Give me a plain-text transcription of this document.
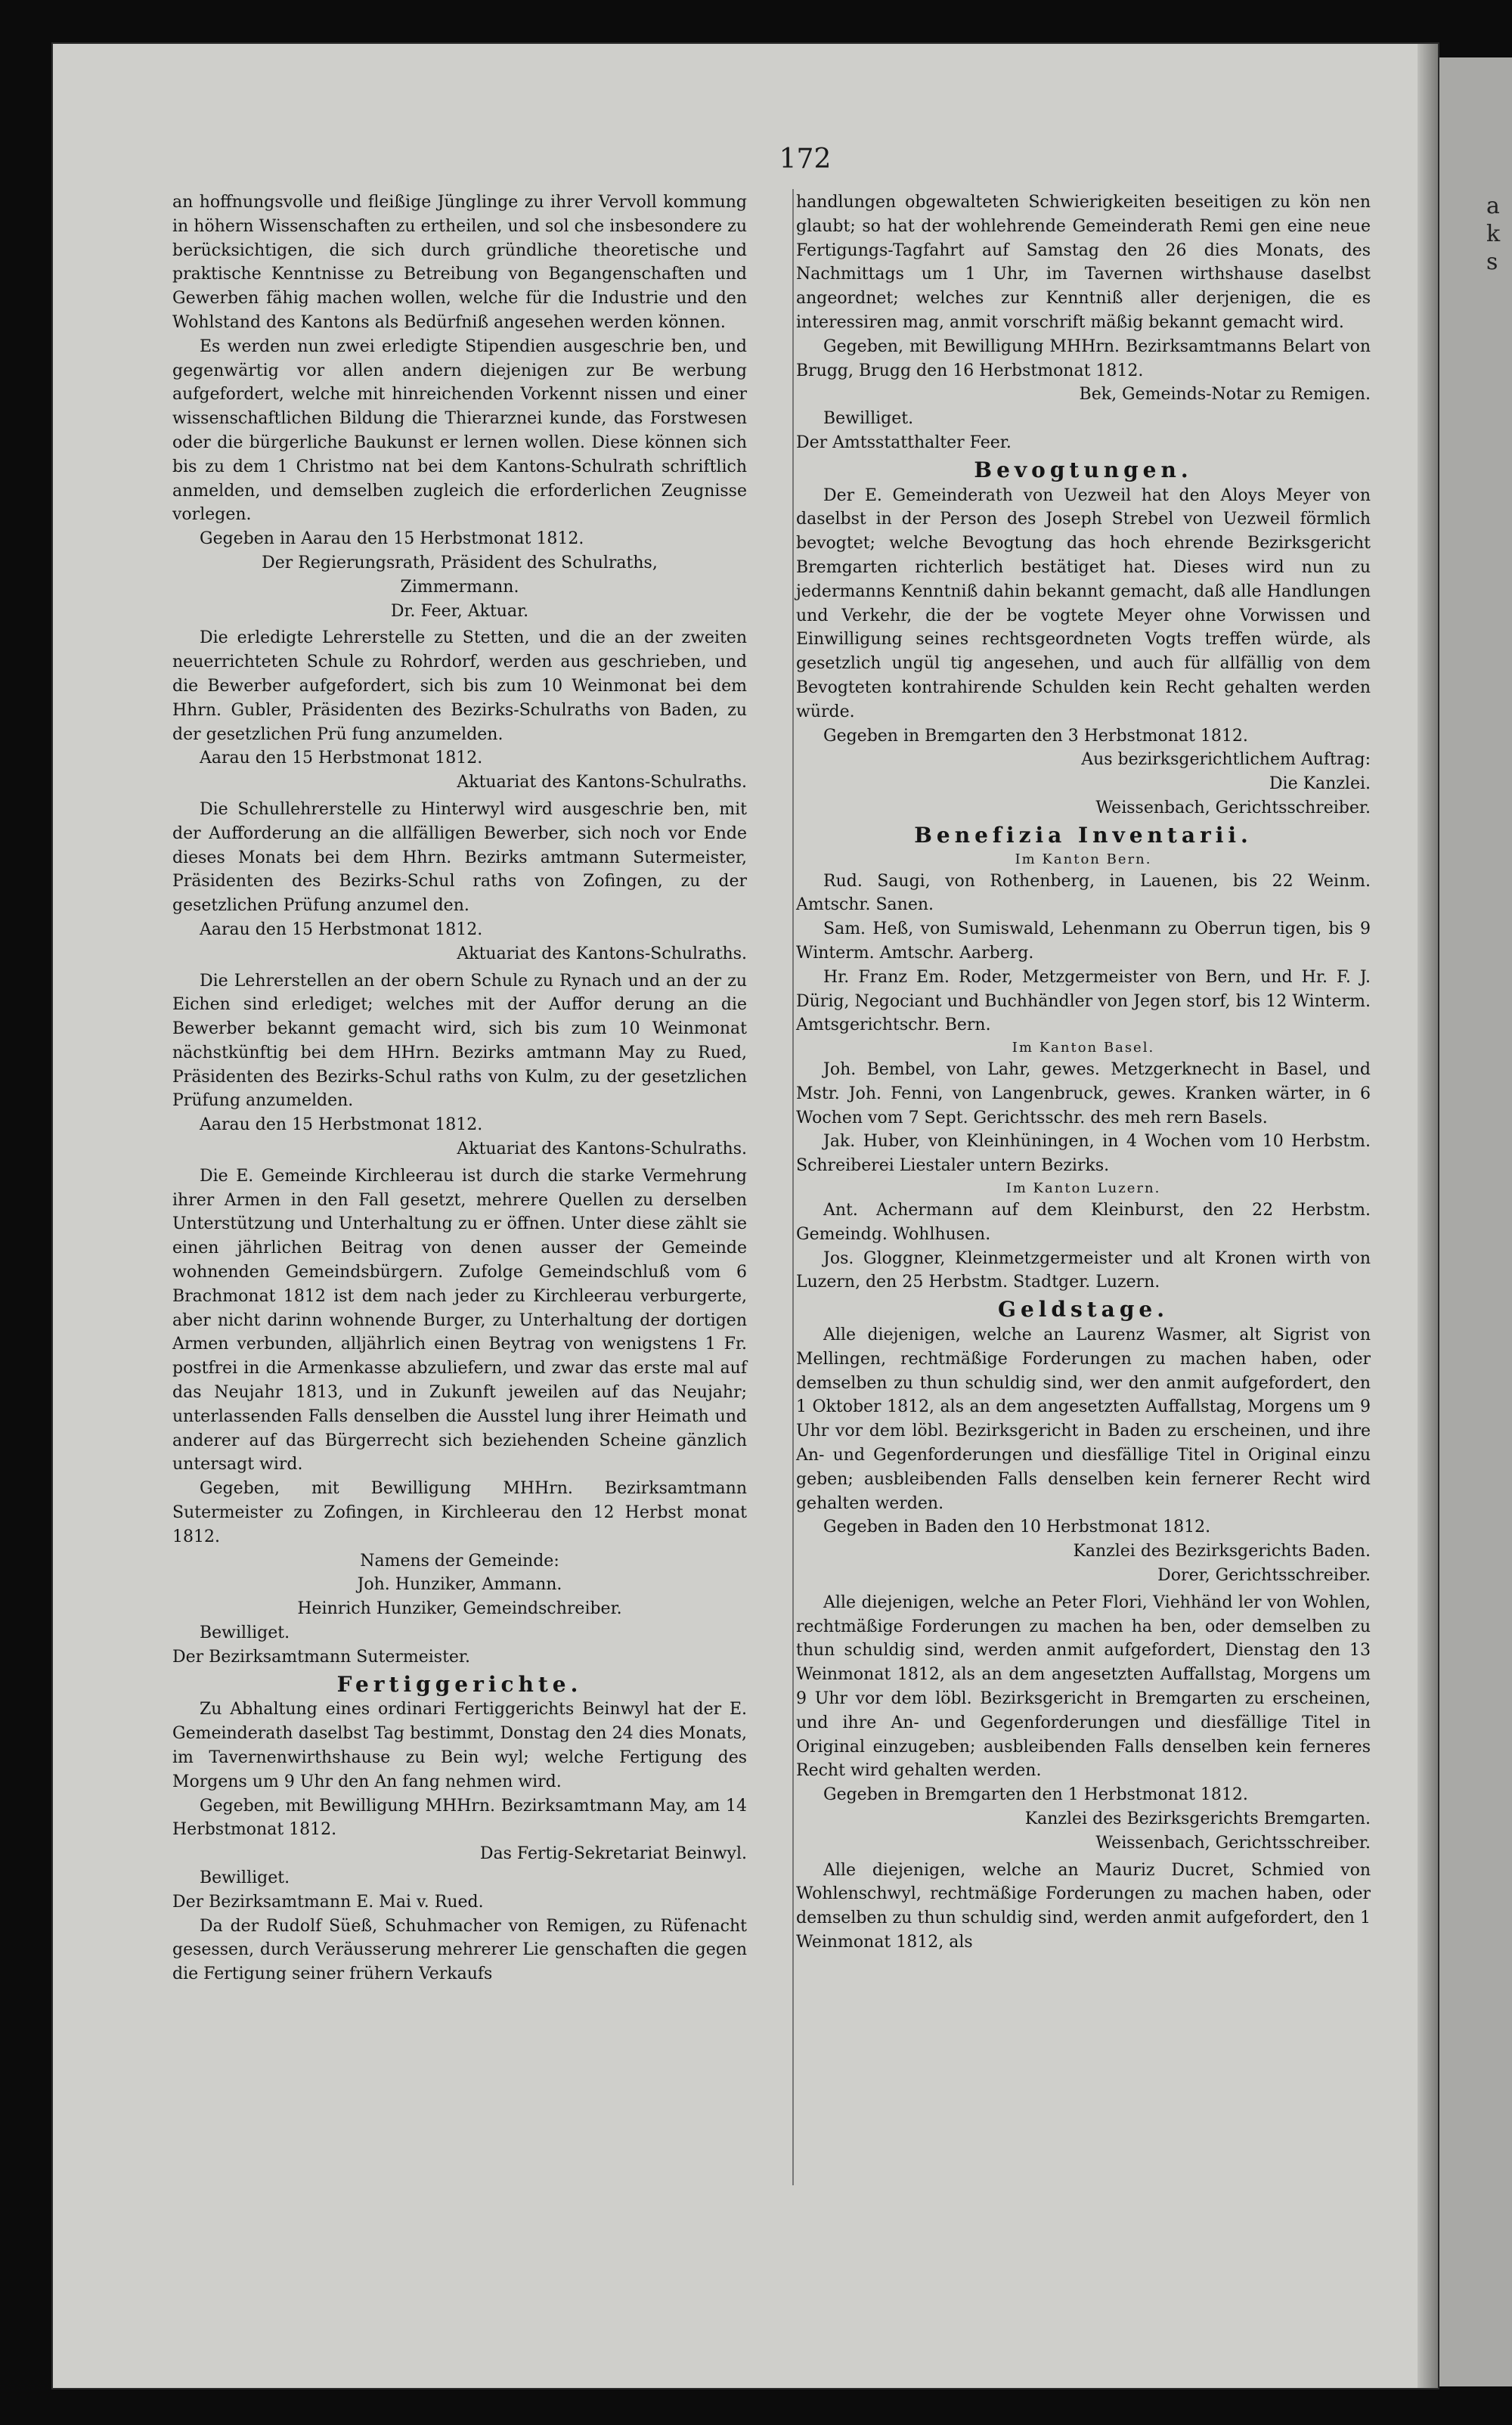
a
k
s
172
an hoffnungsvolle und fleißige Jünglinge zu ihrer Vervoll kommung in höhern Wissenschaften zu ertheilen, und sol che insbesondere zu berücksichtigen, die sich durch gründliche theoretische und praktische Kenntnisse zu Betreibung von Begangenschaften und Gewerben fähig machen wollen, welche für die Industrie und den Wohlstand des Kantons als Bedürfniß angesehen werden können.
Es werden nun zwei erledigte Stipendien ausgeschrie ben, und gegenwärtig vor allen andern diejenigen zur Be werbung aufgefordert, welche mit hinreichenden Vorkennt nissen und einer wissenschaftlichen Bildung die Thierarznei kunde, das Forstwesen oder die bürgerliche Baukunst er lernen wollen. Diese können sich bis zu dem 1 Christmo nat bei dem Kantons-Schulrath schriftlich anmelden, und demselben zugleich die erforderlichen Zeugnisse vorlegen.
Gegeben in Aarau den 15 Herbstmonat 1812.
Der Regierungsrath, Präsident des Schulraths,
Zimmermann.
Dr. Feer, Aktuar.
Die erledigte Lehrerstelle zu Stetten, und die an der zweiten neuerrichteten Schule zu Rohrdorf, werden aus geschrieben, und die Bewerber aufgefordert, sich bis zum 10 Weinmonat bei dem Hhrn. Gubler, Präsidenten des Bezirks-Schulraths von Baden, zu der gesetzlichen Prü fung anzumelden.
Aarau den 15 Herbstmonat 1812.
Aktuariat des Kantons-Schulraths.
Die Schullehrerstelle zu Hinterwyl wird ausgeschrie ben, mit der Aufforderung an die allfälligen Bewerber, sich noch vor Ende dieses Monats bei dem Hhrn. Bezirks amtmann Sutermeister, Präsidenten des Bezirks-Schul raths von Zofingen, zu der gesetzlichen Prüfung anzumel den.
Aarau den 15 Herbstmonat 1812.
Aktuariat des Kantons-Schulraths.
Die Lehrerstellen an der obern Schule zu Rynach und an der zu Eichen sind erlediget; welches mit der Auffor derung an die Bewerber bekannt gemacht wird, sich bis zum 10 Weinmonat nächstkünftig bei dem HHrn. Bezirks amtmann May zu Rued, Präsidenten des Bezirks-Schul raths von Kulm, zu der gesetzlichen Prüfung anzumelden.
Aarau den 15 Herbstmonat 1812.
Aktuariat des Kantons-Schulraths.
Die E. Gemeinde Kirchleerau ist durch die starke Vermehrung ihrer Armen in den Fall gesetzt, mehrere Quellen zu derselben Unterstützung und Unterhaltung zu er öffnen. Unter diese zählt sie einen jährlichen Beitrag von denen ausser der Gemeinde wohnenden Gemeindsbürgern. Zufolge Gemeindschluß vom 6 Brachmonat 1812 ist dem nach jeder zu Kirchleerau verburgerte, aber nicht darinn wohnende Burger, zu Unterhaltung der dortigen Armen verbunden, alljährlich einen Beytrag von wenigstens 1 Fr. postfrei in die Armenkasse abzuliefern, und zwar das erste mal auf das Neujahr 1813, und in Zukunft jeweilen auf das Neujahr; unterlassenden Falls denselben die Ausstel lung ihrer Heimath und anderer auf das Bürgerrecht sich beziehenden Scheine gänzlich untersagt wird.
Gegeben, mit Bewilligung MHHrn. Bezirksamtmann Sutermeister zu Zofingen, in Kirchleerau den 12 Herbst monat 1812.
Namens der Gemeinde:
Joh. Hunziker, Ammann.
Heinrich Hunziker, Gemeindschreiber.
Bewilliget.
Der Bezirksamtmann Sutermeister.
Fertiggerichte.
Zu Abhaltung eines ordinari Fertiggerichts Beinwyl hat der E. Gemeinderath daselbst Tag bestimmt, Donstag den 24 dies Monats, im Tavernenwirthshause zu Bein wyl; welche Fertigung des Morgens um 9 Uhr den An fang nehmen wird.
Gegeben, mit Bewilligung MHHrn. Bezirksamtmann May, am 14 Herbstmonat 1812.
Das Fertig-Sekretariat Beinwyl.
Bewilliget.
Der Bezirksamtmann E. Mai v. Rued.
Da der Rudolf Süeß, Schuhmacher von Remigen, zu Rüfenacht gesessen, durch Veräusserung mehrerer Lie genschaften die gegen die Fertigung seiner frühern Verkaufs
handlungen obgewalteten Schwierigkeiten beseitigen zu kön nen glaubt; so hat der wohlehrende Gemeinderath Remi gen eine neue Fertigungs-Tagfahrt auf Samstag den 26 dies Monats, des Nachmittags um 1 Uhr, im Tavernen wirthshause daselbst angeordnet; welches zur Kenntniß aller derjenigen, die es interessiren mag, anmit vorschrift mäßig bekannt gemacht wird.
Gegeben, mit Bewilligung MHHrn. Bezirksamtmanns Belart von Brugg, Brugg den 16 Herbstmonat 1812.
Bek, Gemeinds-Notar zu Remigen.
Bewilliget.
Der Amtsstatthalter Feer.
Bevogtungen.
Der E. Gemeinderath von Uezweil hat den Aloys Meyer von daselbst in der Person des Joseph Strebel von Uezweil förmlich bevogtet; welche Bevogtung das hoch ehrende Bezirksgericht Bremgarten richterlich bestätiget hat. Dieses wird nun zu jedermanns Kenntniß dahin bekannt gemacht, daß alle Handlungen und Verkehr, die der be vogtete Meyer ohne Vorwissen und Einwilligung seines rechtsgeordneten Vogts treffen würde, als gesetzlich ungül tig angesehen, und auch für allfällig von dem Bevogteten kontrahirende Schulden kein Recht gehalten werden würde.
Gegeben in Bremgarten den 3 Herbstmonat 1812.
Aus bezirksgerichtlichem Auftrag:
Die Kanzlei.
Weissenbach, Gerichtsschreiber.
Benefizia Inventarii.
Im Kanton Bern.
Rud. Saugi, von Rothenberg, in Lauenen, bis 22 Weinm. Amtschr. Sanen.
Sam. Heß, von Sumiswald, Lehenmann zu Oberrun tigen, bis 9 Winterm. Amtschr. Aarberg.
Hr. Franz Em. Roder, Metzgermeister von Bern, und Hr. F. J. Dürig, Negociant und Buchhändler von Jegen storf, bis 12 Winterm. Amtsgerichtschr. Bern.
Im Kanton Basel.
Joh. Bembel, von Lahr, gewes. Metzgerknecht in Basel, und Mstr. Joh. Fenni, von Langenbruck, gewes. Kranken wärter, in 6 Wochen vom 7 Sept. Gerichtsschr. des meh rern Basels.
Jak. Huber, von Kleinhüningen, in 4 Wochen vom 10 Herbstm. Schreiberei Liestaler untern Bezirks.
Im Kanton Luzern.
Ant. Achermann auf dem Kleinburst, den 22 Herbstm. Gemeindg. Wohlhusen.
Jos. Gloggner, Kleinmetzgermeister und alt Kronen wirth von Luzern, den 25 Herbstm. Stadtger. Luzern.
Geldstage.
Alle diejenigen, welche an Laurenz Wasmer, alt Sigrist von Mellingen, rechtmäßige Forderungen zu machen haben, oder demselben zu thun schuldig sind, wer den anmit aufgefordert, den 1 Oktober 1812, als an dem angesetzten Auffallstag, Morgens um 9 Uhr vor dem löbl. Bezirksgericht in Baden zu erscheinen, und ihre An- und Gegenforderungen und diesfällige Titel in Original einzu geben; ausbleibenden Falls denselben kein fernerer Recht wird gehalten werden.
Gegeben in Baden den 10 Herbstmonat 1812.
Kanzlei des Bezirksgerichts Baden.
Dorer, Gerichtsschreiber.
Alle diejenigen, welche an Peter Flori, Viehhänd ler von Wohlen, rechtmäßige Forderungen zu machen ha ben, oder demselben zu thun schuldig sind, werden anmit aufgefordert, Dienstag den 13 Weinmonat 1812, als an dem angesetzten Auffallstag, Morgens um 9 Uhr vor dem löbl. Bezirksgericht in Bremgarten zu erscheinen, und ihre An- und Gegenforderungen und diesfällige Titel in Original einzugeben; ausbleibenden Falls denselben kein ferneres Recht wird gehalten werden.
Gegeben in Bremgarten den 1 Herbstmonat 1812.
Kanzlei des Bezirksgerichts Bremgarten.
Weissenbach, Gerichtsschreiber.
Alle diejenigen, welche an Mauriz Ducret, Schmied von Wohlenschwyl, rechtmäßige Forderungen zu machen haben, oder demselben zu thun schuldig sind, werden anmit aufgefordert, den 1 Weinmonat 1812, als
